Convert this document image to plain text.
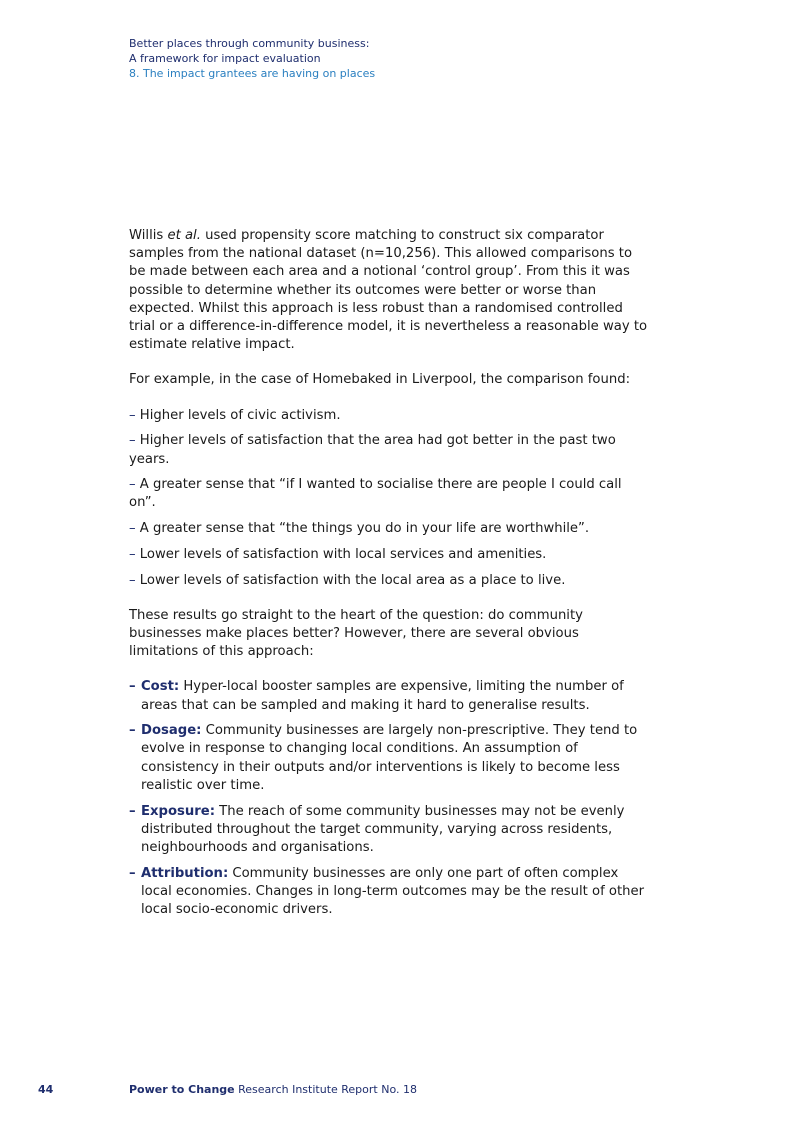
Better places through community business:
A framework for impact evaluation
8. The impact grantees are having on places

Willis et al. used propensity score matching to construct six comparator samples from the national dataset (n=10,256). This allowed comparisons to be made between each area and a notional ‘control group’. From this it was possible to determine whether its outcomes were better or worse than expected. Whilst this approach is less robust than a randomised controlled trial or a difference-in-difference model, it is nevertheless a reasonable way to estimate relative impact.

For example, in the case of Homebaked in Liverpool, the comparison found:

– Higher levels of civic activism.
– Higher levels of satisfaction that the area had got better in the past two years.
– A greater sense that “if I wanted to socialise there are people I could call on”.
– A greater sense that “the things you do in your life are worthwhile”.
– Lower levels of satisfaction with local services and amenities.
– Lower levels of satisfaction with the local area as a place to live.

These results go straight to the heart of the question: do community businesses make places better? However, there are several obvious limitations of this approach:

– Cost: Hyper-local booster samples are expensive, limiting the number of areas that can be sampled and making it hard to generalise results.
– Dosage: Community businesses are largely non-prescriptive. They tend to evolve in response to changing local conditions. An assumption of consistency in their outputs and/or interventions is likely to become less realistic over time.
– Exposure: The reach of some community businesses may not be evenly distributed throughout the target community, varying across residents, neighbourhoods and organisations.
– Attribution: Community businesses are only one part of often complex local economies. Changes in long-term outcomes may be the result of other local socio-economic drivers.
44	Power to Change Research Institute Report No. 18
